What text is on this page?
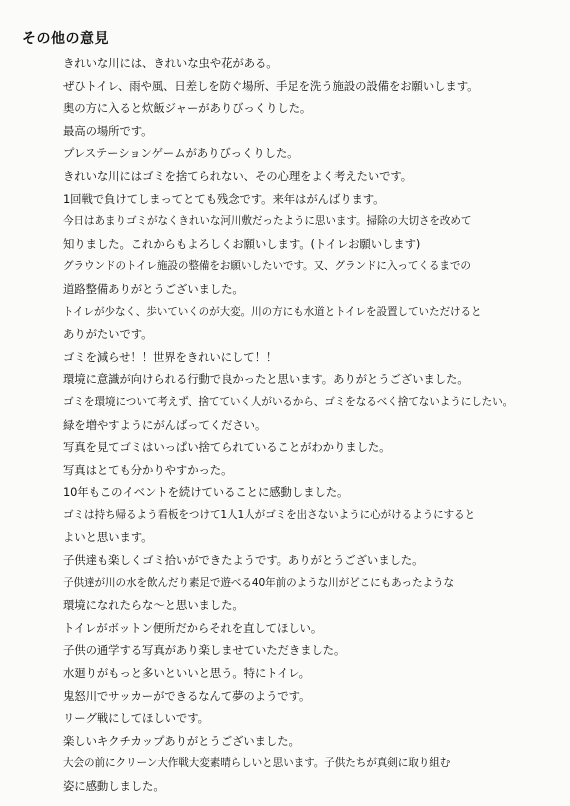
その他の意見
きれいな川には、きれいな虫や花がある。
ぜひトイレ、雨や風、日差しを防ぐ場所、手足を洗う施設の設備をお願いします。
奥の方に入ると炊飯ジャーがありびっくりした。
最高の場所です。
プレステーションゲームがありびっくりした。
きれいな川にはゴミを捨てられない、その心理をよく考えたいです。
1回戦で負けてしまってとても残念です。来年はがんばります。
今日はあまりゴミがなくきれいな河川敷だったように思います。掃除の大切さを改めて
知りました。これからもよろしくお願いします。(トイレお願いします)
グラウンドのトイレ施設の整備をお願いしたいです。又、グランドに入ってくるまでの
道路整備ありがとうございました。
トイレが少なく、歩いていくのが大変。川の方にも水道とトイレを設置していただけると
ありがたいです。
ゴミを減らせ！！世界をきれいにして！！
環境に意識が向けられる行動で良かったと思います。ありがとうございました。
ゴミを環境について考えず、捨てていく人がいるから、ゴミをなるべく捨てないようにしたい。
緑を増やすようにがんばってください。
写真を見てゴミはいっぱい捨てられていることがわかりました。
写真はとても分かりやすかった。
10年もこのイベントを続けていることに感動しました。
ゴミは持ち帰るよう看板をつけて1人1人がゴミを出さないように心がけるようにすると
よいと思います。
子供達も楽しくゴミ拾いができたようです。ありがとうございました。
子供達が川の水を飲んだり素足で遊べる40年前のような川がどこにもあったような
環境になれたらな〜と思いました。
トイレがボットン便所だからそれを直してほしい。
子供の通学する写真があり楽しませていただきました。
水廻りがもっと多いといいと思う。特にトイレ。
鬼怒川でサッカーができるなんて夢のようです。
リーグ戦にしてほしいです。
楽しいキクチカップありがとうございました。
大会の前にクリーン大作戦大変素晴らしいと思います。子供たちが真剣に取り組む
姿に感動しました。
